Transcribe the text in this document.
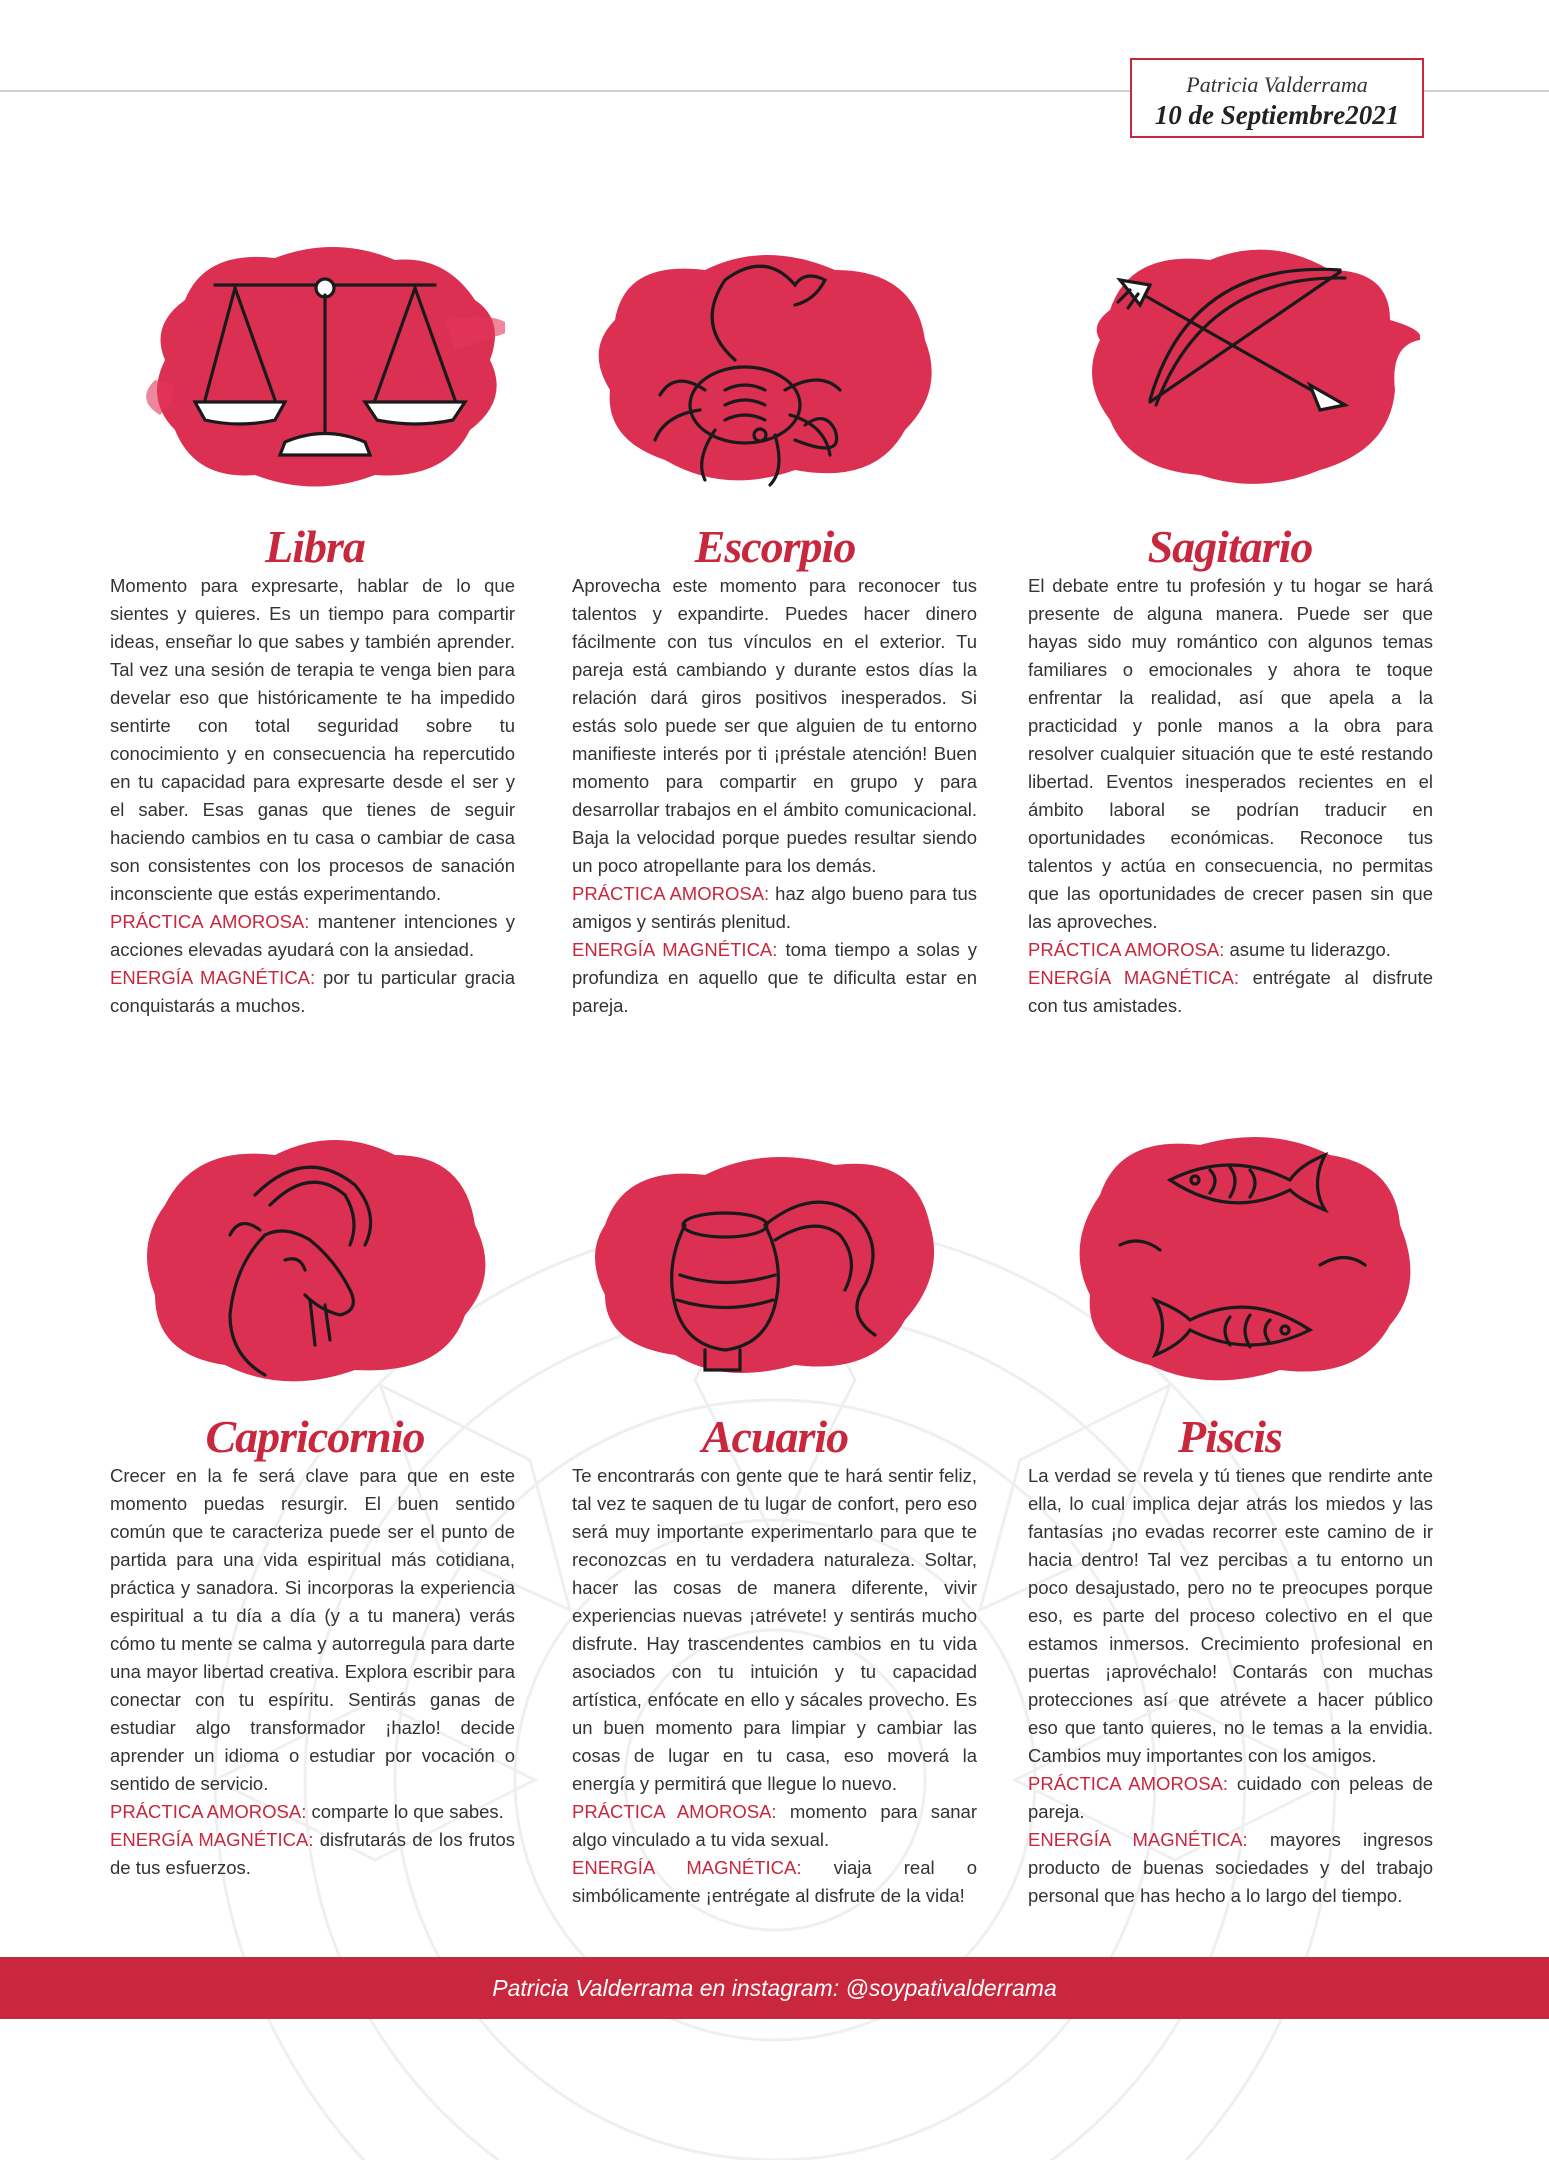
Patricia Valderrama
10 de Septiembre2021
Libra

Momento para expresarte, hablar de lo que sientes y quieres. Es un tiempo para compartir ideas, enseñar lo que sabes y también aprender. Tal vez una sesión de terapia te venga bien para develar eso que históricamente te ha impedido sentirte con total seguridad sobre tu conocimiento y en consecuencia ha repercutido en tu capacidad para expresarte desde el ser y el saber. Esas ganas que tienes de seguir haciendo cambios en tu casa o cambiar de casa son consistentes con los procesos de sanación inconsciente que estás experimentando.

PRÁCTICA AMOROSA: mantener intenciones y acciones elevadas ayudará con la ansiedad.

ENERGÍA MAGNÉTICA: por tu particular gracia conquistarás a muchos.

Escorpio

Aprovecha este momento para reconocer tus talentos y expandirte. Puedes hacer dinero fácilmente con tus vínculos en el exterior. Tu pareja está cambiando y durante estos días la relación dará giros positivos inesperados. Si estás solo puede ser que alguien de tu entorno manifieste interés por ti ¡préstale atención! Buen momento para compartir en grupo y para desarrollar trabajos en el ámbito comunicacional. Baja la velocidad porque puedes resultar siendo un poco atropellante para los demás.

PRÁCTICA AMOROSA: haz algo bueno para tus amigos y sentirás plenitud.

ENERGÍA MAGNÉTICA: toma tiempo a solas y profundiza en aquello que te dificulta estar en pareja.

Sagitario

El debate entre tu profesión y tu hogar se hará presente de alguna manera. Puede ser que hayas sido muy romántico con algunos temas familiares o emocionales y ahora te toque enfrentar la realidad, así que apela a la practicidad y ponle manos a la obra para resolver cualquier situación que te esté restando libertad. Eventos inesperados recientes en el ámbito laboral se podrían traducir en oportunidades económicas. Reconoce tus talentos y actúa en consecuencia, no permitas que las oportunidades de crecer pasen sin que las aproveches.

PRÁCTICA AMOROSA: asume tu liderazgo.

ENERGÍA MAGNÉTICA: entrégate al disfrute con tus amistades.

Capricornio

Crecer en la fe será clave para que en este momento puedas resurgir. El buen sentido común que te caracteriza puede ser el punto de partida para una vida espiritual más cotidiana, práctica y sanadora. Si incorporas la experiencia espiritual a tu día a día (y a tu manera) verás cómo tu mente se calma y autorregula para darte una mayor libertad creativa. Explora escribir para conectar con tu espíritu. Sentirás ganas de estudiar algo transformador ¡hazlo! decide aprender un idioma o estudiar por vocación o sentido de servicio.

PRÁCTICA AMOROSA: comparte lo que sabes.

ENERGÍA MAGNÉTICA: disfrutarás de los frutos de tus esfuerzos.

Acuario

Te encontrarás con gente que te hará sentir feliz, tal vez te saquen de tu lugar de confort, pero eso será muy importante experimentarlo para que te reconozcas en tu verdadera naturaleza. Soltar, hacer las cosas de manera diferente, vivir experiencias nuevas ¡atrévete! y sentirás mucho disfrute. Hay trascendentes cambios en tu vida asociados con tu intuición y tu capacidad artística, enfócate en ello y sácales provecho. Es un buen momento para limpiar y cambiar las cosas de lugar en tu casa, eso moverá la energía y permitirá que llegue lo nuevo.

PRÁCTICA AMOROSA: momento para sanar algo vinculado a tu vida sexual.

ENERGÍA MAGNÉTICA: viaja real o simbólicamente ¡entrégate al disfrute de la vida!

Piscis

La verdad se revela y tú tienes que rendirte ante ella, lo cual implica dejar atrás los miedos y las fantasías ¡no evadas recorrer este camino de ir hacia dentro! Tal vez percibas a tu entorno un poco desajustado, pero no te preocupes porque eso, es parte del proceso colectivo en el que estamos inmersos. Crecimiento profesional en puertas ¡aprovéchalo! Contarás con muchas protecciones así que atrévete a hacer público eso que tanto quieres, no le temas a la envidia. Cambios muy importantes con los amigos.

PRÁCTICA AMOROSA: cuidado con peleas de pareja.

ENERGÍA MAGNÉTICA: mayores ingresos producto de buenas sociedades y del trabajo personal que has hecho a lo largo del tiempo.

Patricia Valderrama en instagram: @soypativalderrama
